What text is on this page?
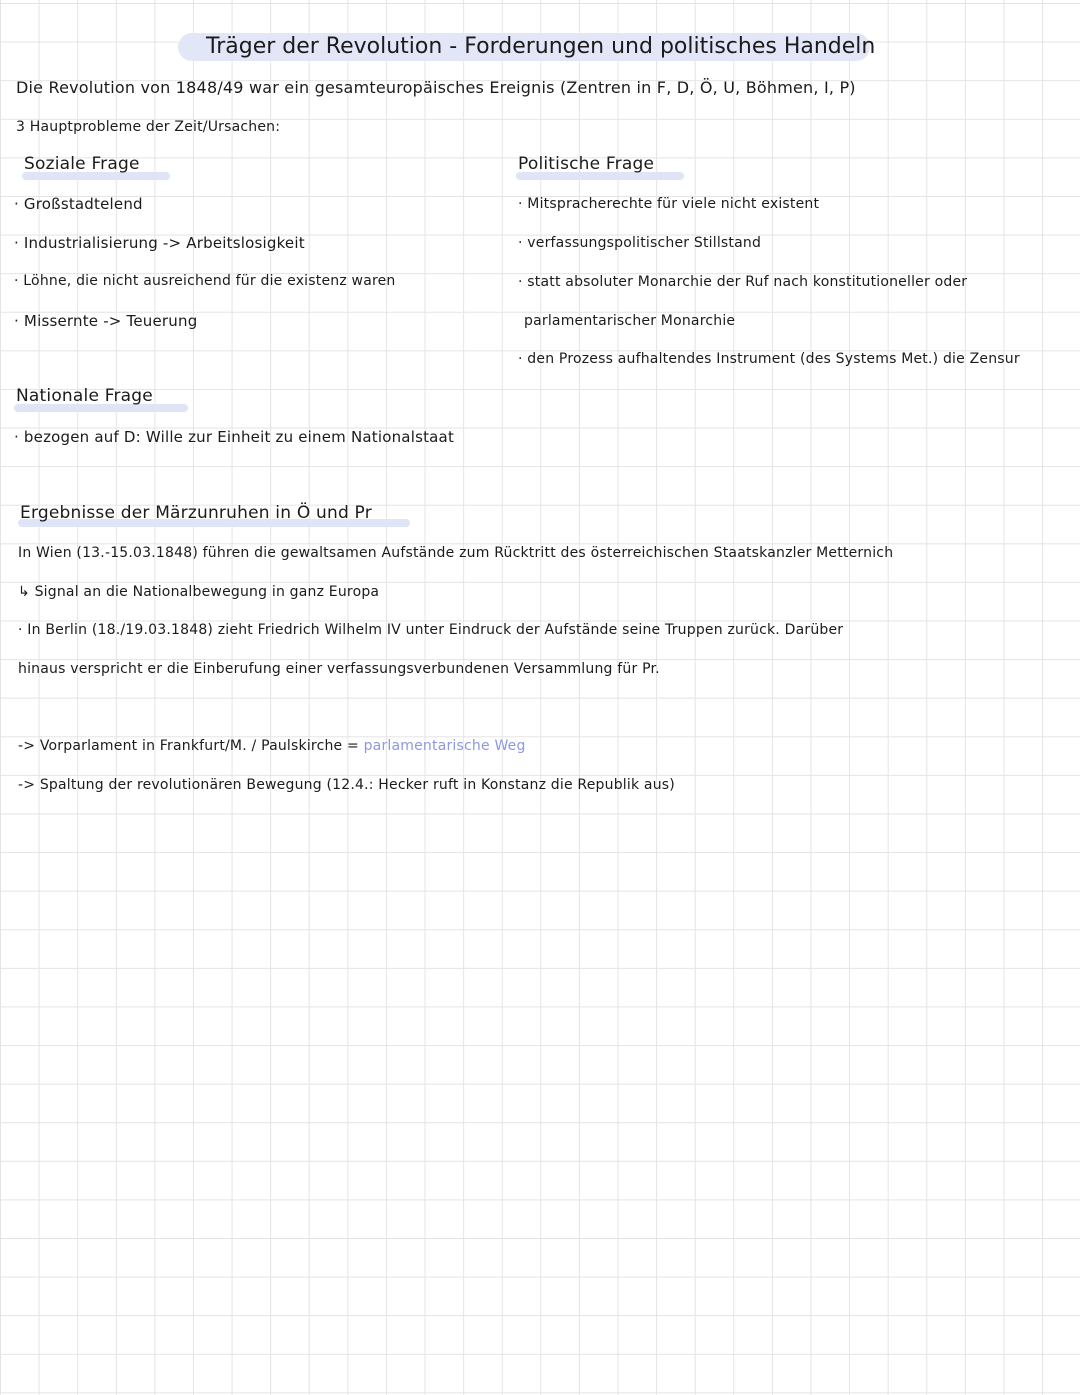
Träger der Revolution - Forderungen und politisches Handeln
Die Revolution von 1848/49 war ein gesamteuropäisches Ereignis (Zentren in F, D, Ö, U, Böhmen, I, P)
3 Hauptprobleme der Zeit/Ursachen:
Soziale Frage
· Großstadtelend
· Industrialisierung -> Arbeitslosigkeit
· Löhne, die nicht ausreichend für die existenz waren
· Missernte -> Teuerung
Politische Frage
· Mitspracherechte für viele nicht existent
· verfassungspolitischer Stillstand
· statt absoluter Monarchie der Ruf nach konstitutioneller oder
parlamentarischer Monarchie
· den Prozess aufhaltendes Instrument (des Systems Met.) die Zensur
Nationale Frage
· bezogen auf D: Wille zur Einheit zu einem Nationalstaat
Ergebnisse der Märzunruhen in Ö und Pr
In Wien (13.-15.03.1848) führen die gewaltsamen Aufstände zum Rücktritt des österreichischen Staatskanzler Metternich
↳ Signal an die Nationalbewegung in ganz Europa
· In Berlin (18./19.03.1848) zieht Friedrich Wilhelm IV unter Eindruck der Aufstände seine Truppen zurück. Darüber
hinaus verspricht er die Einberufung einer verfassungsverbundenen Versammlung für Pr.
-> Vorparlament in Frankfurt/M. / Paulskirche = parlamentarische Weg
-> Spaltung der revolutionären Bewegung (12.4.: Hecker ruft in Konstanz die Republik aus)
